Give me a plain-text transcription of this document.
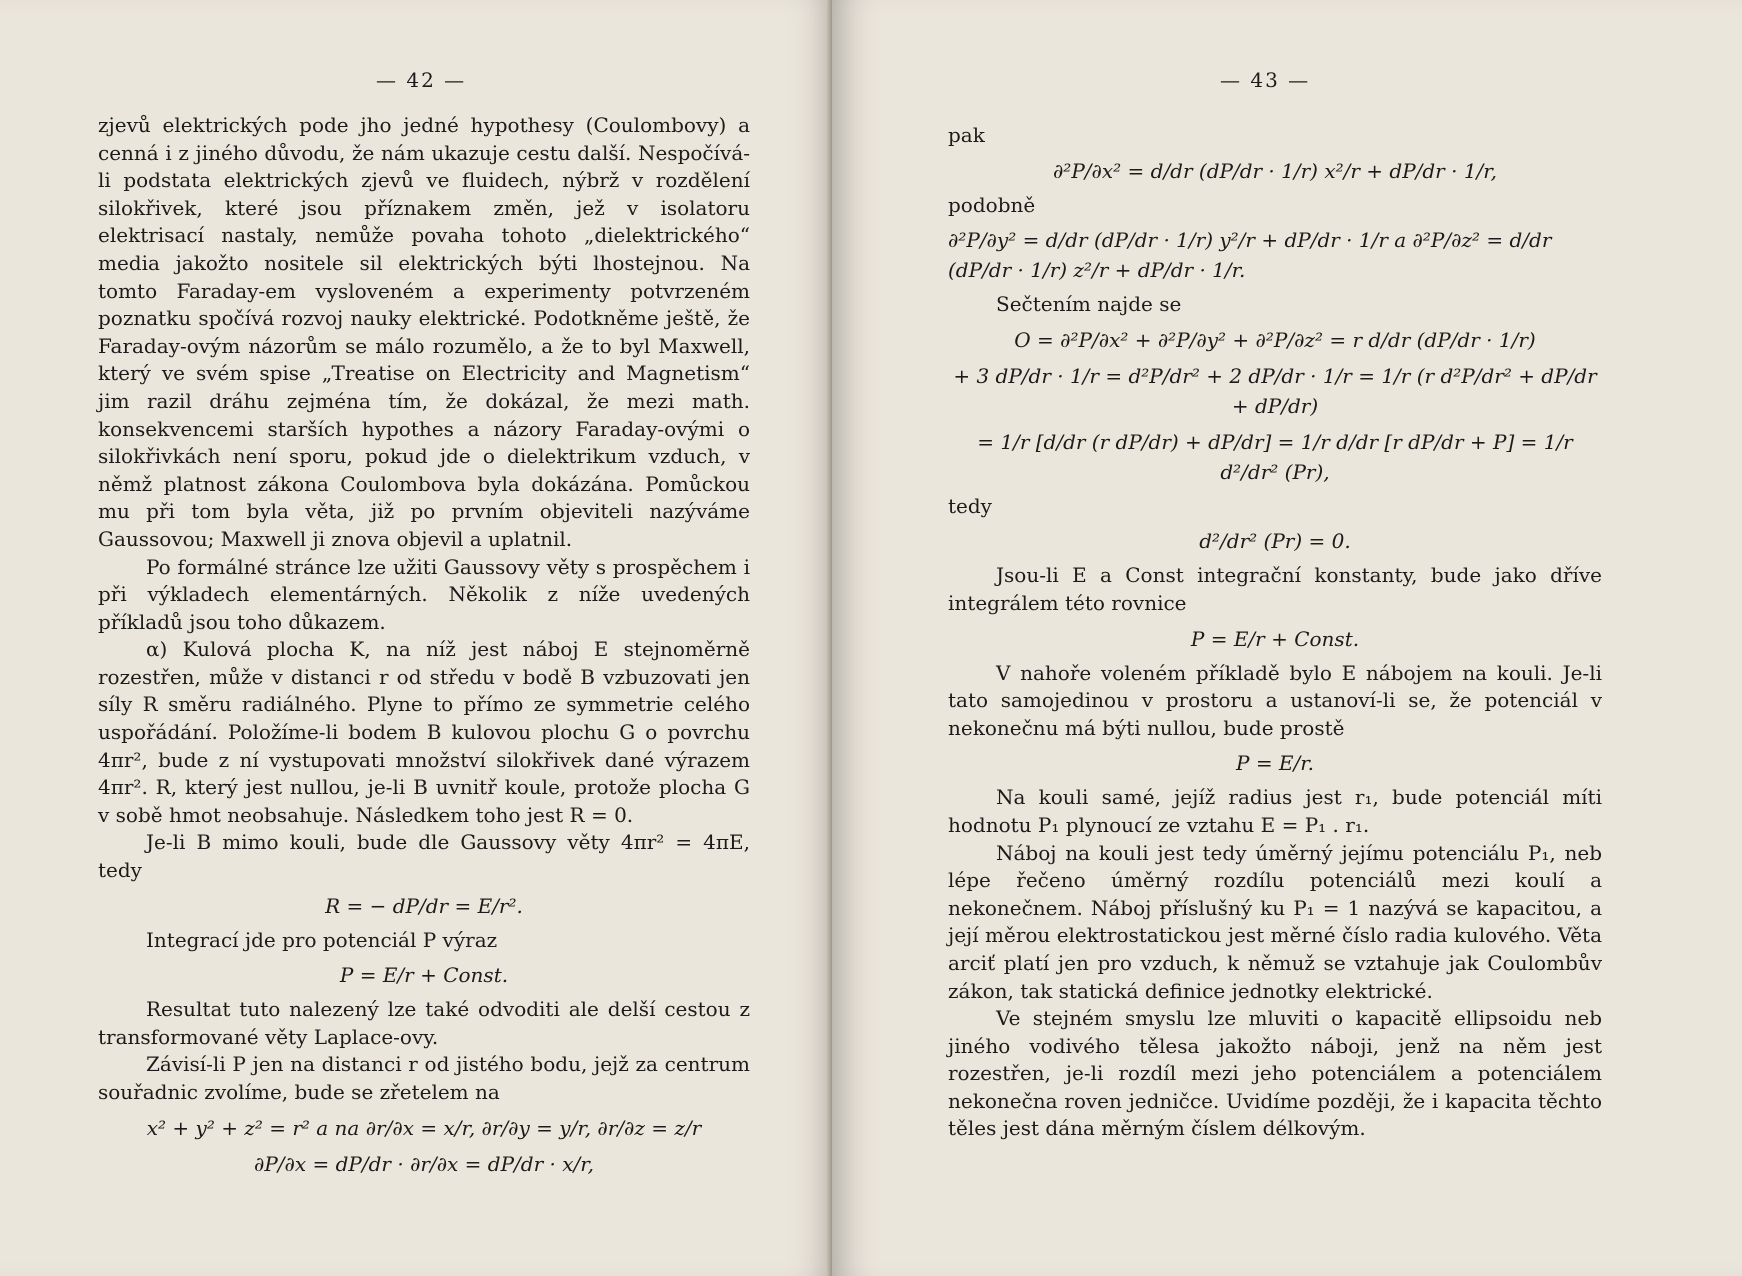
— 42 —

zjevů elektrických pode jho jedné hypothesy (Coulombovy) a cenná i z jiného důvodu, že nám ukazuje cestu další. Nespočívá-li podstata elektrických zjevů ve fluidech, nýbrž v rozdělení silokřivek, které jsou příznakem změn, jež v isolatoru elektrisací nastaly, nemůže povaha tohoto „dielektrického“ media jakožto nositele sil elektrických býti lhostejnou. Na tomto Faraday-em vysloveném a experimenty potvrzeném poznatku spočívá rozvoj nauky elektrické. Podotkněme ještě, že Faraday-ovým názorům se málo rozumělo, a že to byl Maxwell, který ve svém spise „Treatise on Electricity and Magnetism“ jim razil dráhu zejména tím, že dokázal, že mezi math. konsekvencemi starších hypothes a názory Faraday-ovými o silokřivkách není sporu, pokud jde o dielektrikum vzduch, v němž platnost zákona Coulombova byla dokázána. Pomůckou mu při tom byla věta, již po prvním objeviteli nazýváme Gaussovou; Maxwell ji znova objevil a uplatnil.

Po formálné stránce lze užiti Gaussovy věty s prospěchem i při výkladech elementárných. Několik z níže uvedených příkladů jsou toho důkazem.

α) Kulová plocha K, na níž jest náboj E stejnoměrně rozestřen, může v distanci r od středu v bodě B vzbuzovati jen síly R směru radiálného. Plyne to přímo ze symmetrie celého uspořádání. Položíme-li bodem B kulovou plochu G o povrchu 4πr², bude z ní vystupovati množství silokřivek dané výrazem 4πr². R, který jest nullou, je-li B uvnitř koule, protože plocha G v sobě hmot neobsahuje. Následkem toho jest R = 0.

Je-li B mimo kouli, bude dle Gaussovy věty 4πr² = 4πE, tedy

R = − dP/dr = E/r².

Integrací jde pro potenciál P výraz

P = E/r + Const.

Resultat tuto nalezený lze také odvoditi ale delší cestou z transformované věty Laplace-ovy.

Závisí-li P jen na distanci r od jistého bodu, jejž za centrum souřadnic zvolíme, bude se zřetelem na

x² + y² + z² = r² a na ∂r/∂x = x/r, ∂r/∂y = y/r, ∂r/∂z = z/r
∂P/∂x = dP/dr · ∂r/∂x = dP/dr · x/r,
— 43 —

pak

∂²P/∂x² = d/dr (dP/dr · 1/r) x²/r + dP/dr · 1/r,

podobně

∂²P/∂y² = d/dr (dP/dr · 1/r) y²/r + dP/dr · 1/r a ∂²P/∂z² = d/dr (dP/dr · 1/r) z²/r + dP/dr · 1/r.

Sečtením najde se

O = ∂²P/∂x² + ∂²P/∂y² + ∂²P/∂z² = r d/dr (dP/dr · 1/r)
+ 3 dP/dr · 1/r = d²P/dr² + 2 dP/dr · 1/r = 1/r (r d²P/dr² + dP/dr + dP/dr)
= 1/r [d/dr (r dP/dr) + dP/dr] = 1/r d/dr [r dP/dr + P] = 1/r d²/dr² (Pr),

tedy

d²/dr² (Pr) = 0.

Jsou-li E a Const integrační konstanty, bude jako dříve integrálem této rovnice

P = E/r + Const.

V nahoře voleném příkladě bylo E nábojem na kouli. Je-li tato samojedinou v prostoru a ustanoví-li se, že potenciál v nekonečnu má býti nullou, bude prostě

P = E/r.

Na kouli samé, jejíž radius jest r₁, bude potenciál míti hodnotu P₁ plynoucí ze vztahu E = P₁ . r₁.

Náboj na kouli jest tedy úměrný jejímu potenciálu P₁, neb lépe řečeno úměrný rozdílu potenciálů mezi koulí a nekonečnem. Náboj příslušný ku P₁ = 1 nazývá se kapacitou, a její měrou elektrostatickou jest měrné číslo radia kulového. Věta arciť platí jen pro vzduch, k němuž se vztahuje jak Coulombův zákon, tak statická definice jednotky elektrické.

Ve stejném smyslu lze mluviti o kapacitě ellipsoidu neb jiného vodivého tělesa jakožto náboji, jenž na něm jest rozestřen, je-li rozdíl mezi jeho potenciálem a potenciálem nekonečna roven jedničce. Uvidíme později, že i kapacita těchto těles jest dána měrným číslem délkovým.
